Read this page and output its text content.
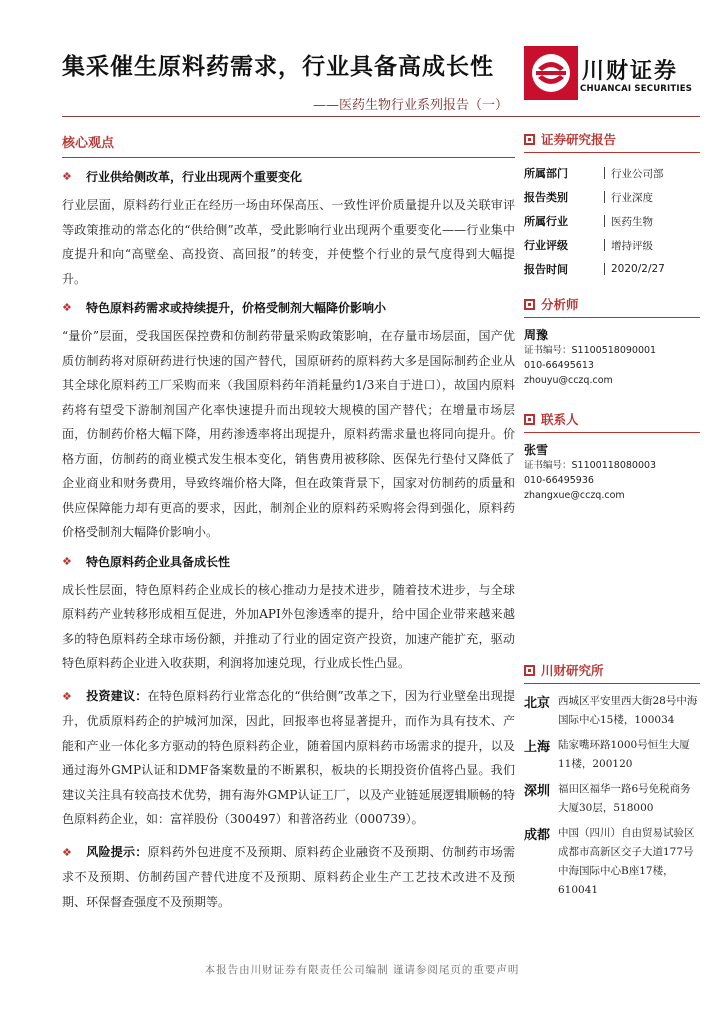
集采催生原料药需求，行业具备高成长性
——医药生物行业系列报告（一）
川财证券
CHUANCAI SECURITIES
核心观点
❖	行业供给侧改革，行业出现两个重要变化
行业层面，原料药行业正在经历一场由环保高压、一致性评价质量提升以及关联审评等政策推动的常态化的“供给侧”改革，受此影响行业出现两个重要变化——行业集中度提升和向“高壁垒、高投资、高回报”的转变，并使整个行业的景气度得到大幅提升。
❖	特色原料药需求或持续提升，价格受制剂大幅降价影响小
“量价”层面，受我国医保控费和仿制药带量采购政策影响，在存量市场层面，国产优质仿制药将对原研药进行快速的国产替代，国原研药的原料药大多是国际制药企业从其全球化原料药工厂采购而来（我国原料药年消耗量约1/3来自于进口），故国内原料药将有望受下游制剂国产化率快速提升而出现较大规模的国产替代；在增量市场层面，仿制药价格大幅下降，用药渗透率将出现提升，原料药需求量也将同向提升。价格方面，仿制药的商业模式发生根本变化，销售费用被移除、医保先行垫付又降低了企业商业和财务费用，导致终端价格大降，但在政策背景下，国家对仿制药的质量和供应保障能力却有更高的要求，因此，制剂企业的原料药采购将会得到强化，原料药价格受制剂大幅降价影响小。
❖	特色原料药企业具备成长性
成长性层面，特色原料药企业成长的核心推动力是技术进步，随着技术进步，与全球原料药产业转移形成相互促进，外加API外包渗透率的提升，给中国企业带来越来越多的特色原料药全球市场份额，并推动了行业的固定资产投资，加速产能扩充，驱动特色原料药企业进入收获期，利润将加速兑现，行业成长性凸显。
❖ 投资建议：在特色原料药行业常态化的“供给侧”改革之下，因为行业壁垒出现提升，优质原料药企的护城河加深，因此，回报率也将显著提升，而作为具有技术、产能和产业一体化多方驱动的特色原料药企业，随着国内原料药市场需求的提升，以及通过海外GMP认证和DMF备案数量的不断累积，板块的长期投资价值将凸显。我们建议关注具有较高技术优势，拥有海外GMP认证工厂，以及产业链延展逻辑顺畅的特色原料药企业，如：富祥股份（300497）和普洛药业（000739）。
❖ 风险提示：原料药外包进度不及预期、原料药企业融资不及预期、仿制药市场需求不及预期、仿制药国产替代进度不及预期、原料药企业生产工艺技术改进不及预期、环保督查强度不及预期等。
证券研究报告
所属部门	行业公司部
报告类别	行业深度
所属行业	医药生物
行业评级	增持评级
报告时间	2020/2/27
分析师
周豫
证书编号：S1100518090001
010-66495613
zhouyu@cczq.com
联系人
张雪
证书编号：S1100118080003
010-66495936
zhangxue@cczq.com
川财研究所
北京 西城区平安里西大街28号中海国际中心15楼，100034
上海 陆家嘴环路1000号恒生大厦11楼，200120
深圳 福田区福华一路6号免税商务大厦30层，518000
成都 中国（四川）自由贸易试验区成都市高新区交子大道177号中海国际中心B座17楼，610041
本报告由川财证券有限责任公司编制 谨请参阅尾页的重要声明
